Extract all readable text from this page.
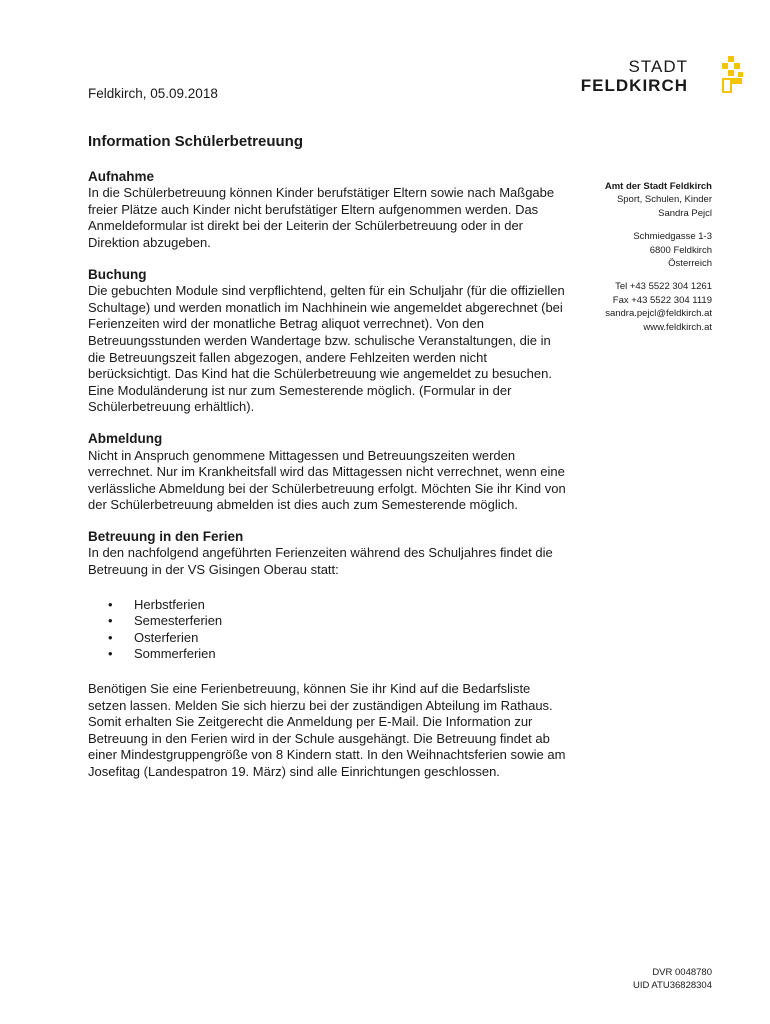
STADT
FELDKIRCH
Feldkirch, 05.09.2018
Information Schülerbetreuung

Aufnahme

In die Schülerbetreuung können Kinder berufstätiger Eltern sowie nach Maßgabe freier Plätze auch Kinder nicht berufstätiger Eltern aufgenommen werden. Das Anmeldeformular ist direkt bei der Leiterin der Schülerbetreuung oder in der Direktion abzugeben.

Buchung

Die gebuchten Module sind verpflichtend, gelten für ein Schuljahr (für die offiziellen Schultage) und werden monatlich im Nachhinein wie angemeldet abgerechnet (bei Ferienzeiten wird der monatliche Betrag aliquot verrechnet). Von den Betreuungsstunden werden Wandertage bzw. schulische Veranstaltungen, die in die Betreuungszeit fallen abgezogen, andere Fehlzeiten werden nicht berücksichtigt. Das Kind hat die Schülerbetreuung wie angemeldet zu besuchen. Eine Moduländerung ist nur zum Semesterende möglich. (Formular in der Schülerbetreuung erhältlich).

Abmeldung

Nicht in Anspruch genommene Mittagessen und Betreuungszeiten werden verrechnet. Nur im Krankheitsfall wird das Mittagessen nicht verrechnet, wenn eine verlässliche Abmeldung bei der Schülerbetreuung erfolgt. Möchten Sie ihr Kind von der Schülerbetreuung abmelden ist dies auch zum Semesterende möglich.

Betreuung in den Ferien

In den nachfolgend angeführten Ferienzeiten während des Schuljahres findet die Betreuung in der VS Gisingen Oberau statt:

• Herbstferien
• Semesterferien
• Osterferien
• Sommerferien

Benötigen Sie eine Ferienbetreuung, können Sie ihr Kind auf die Bedarfsliste setzen lassen. Melden Sie sich hierzu bei der zuständigen Abteilung im Rathaus. Somit erhalten Sie Zeitgerecht die Anmeldung per E-Mail. Die Information zur Betreuung in den Ferien wird in der Schule ausgehängt. Die Betreuung findet ab einer Mindestgruppengröße von 8 Kindern statt. In den Weihnachtsferien sowie am Josefitag (Landespatron 19. März) sind alle Einrichtungen geschlossen.

Amt der Stadt Feldkirch
Sport, Schulen, Kinder
Sandra Pejcl
Schmiedgasse 1-3
6800 Feldkirch
Österreich
Tel +43 5522 304 1261
Fax +43 5522 304 1119
sandra.pejcl@feldkirch.at
www.feldkirch.at
DVR 0048780
UID ATU36828304
